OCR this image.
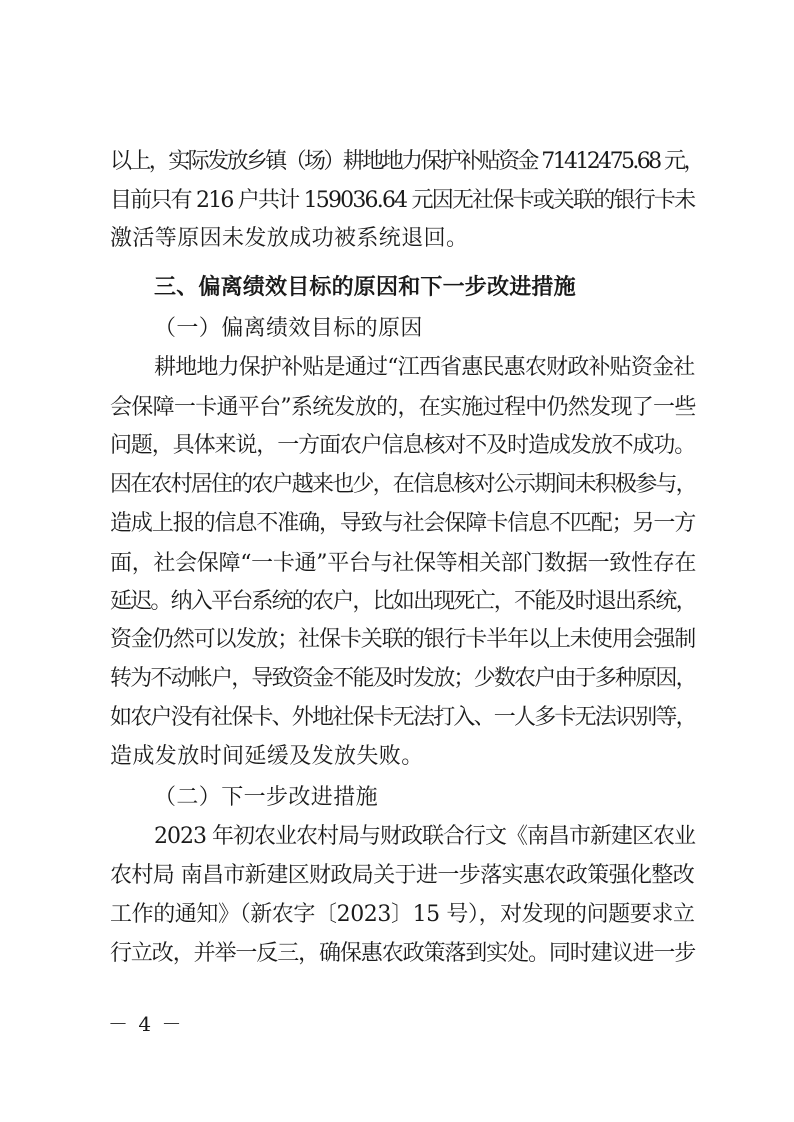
以上，实际发放乡镇（场）耕地地力保护补贴资金 71412475.68 元，
目前只有 216 户共计 159036.64 元因无社保卡或关联的银行卡未
激活等原因未发放成功被系统退回。
三、偏离绩效目标的原因和下一步改进措施
（一）偏离绩效目标的原因
耕地地力保护补贴是通过“江西省惠民惠农财政补贴资金社
会保障一卡通平台”系统发放的，在实施过程中仍然发现了一些
问题，具体来说，一方面农户信息核对不及时造成发放不成功。
因在农村居住的农户越来也少，在信息核对公示期间未积极参与，
造成上报的信息不准确，导致与社会保障卡信息不匹配；另一方
面，社会保障“一卡通”平台与社保等相关部门数据一致性存在
延迟。纳入平台系统的农户，比如出现死亡，不能及时退出系统，
资金仍然可以发放；社保卡关联的银行卡半年以上未使用会强制
转为不动帐户，导致资金不能及时发放；少数农户由于多种原因，
如农户没有社保卡、外地社保卡无法打入、一人多卡无法识别等，
造成发放时间延缓及发放失败。
（二）下一步改进措施
2023 年初农业农村局与财政联合行文《南昌市新建区农业
农村局 南昌市新建区财政局关于进一步落实惠农政策强化整改
工作的通知》（新农字〔2023〕15 号），对发现的问题要求立
行立改，并举一反三，确保惠农政策落到实处。同时建议进一步
－ 4 －
